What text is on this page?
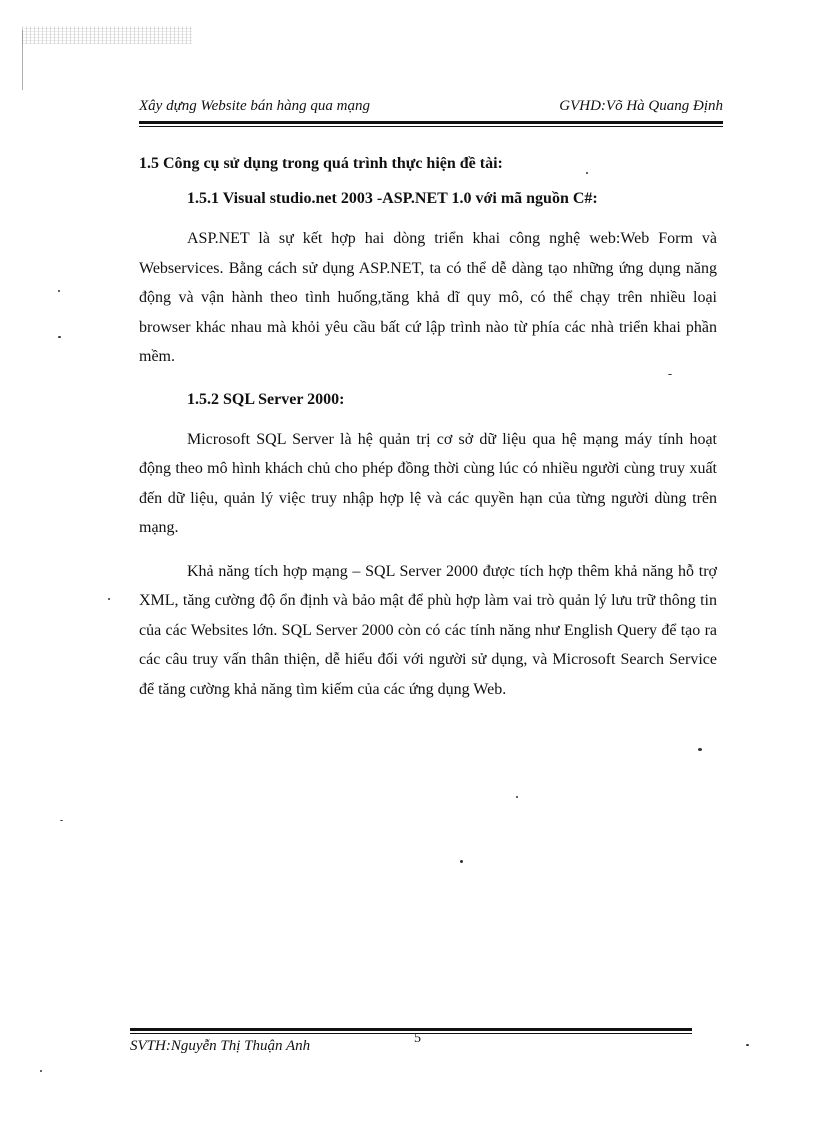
Xây dựng Website bán hàng qua mạng	GVHD:Võ Hà Quang Định

1.5 Công cụ sử dụng trong quá trình thực hiện đề tài:

1.5.1 Visual studio.net 2003 -ASP.NET 1.0 với mã nguồn C#:

ASP.NET là sự kết hợp hai dòng triển khai công nghệ web:Web Form và Webservices. Bằng cách sử dụng ASP.NET, ta có thể dễ dàng tạo những ứng dụng năng động và vận hành theo tình huống,tăng khả dĩ quy mô, có thể chạy trên nhiều loại browser khác nhau mà khỏi yêu cầu bất cứ lập trình nào từ phía các nhà triển khai phần mềm.

1.5.2 SQL Server 2000:

Microsoft SQL Server là hệ quản trị cơ sở dữ liệu qua hệ mạng máy tính hoạt động theo mô hình khách chủ cho phép đồng thời cùng lúc có nhiều người cùng truy xuất đến dữ liệu, quản lý việc truy nhập hợp lệ và các quyền hạn của từng người dùng trên mạng.

Khả năng tích hợp mạng – SQL Server 2000 được tích hợp thêm khả năng hỗ trợ XML, tăng cường độ ổn định và bảo mật để phù hợp làm vai trò quản lý lưu trữ thông tin của các Websites lớn. SQL Server 2000 còn có các tính năng như English Query để tạo ra các câu truy vấn thân thiện, dễ hiểu đối với người sử dụng, và Microsoft Search Service để tăng cường khả năng tìm kiếm của các ứng dụng Web.

SVTH:Nguyễn Thị Thuận Anh	5
